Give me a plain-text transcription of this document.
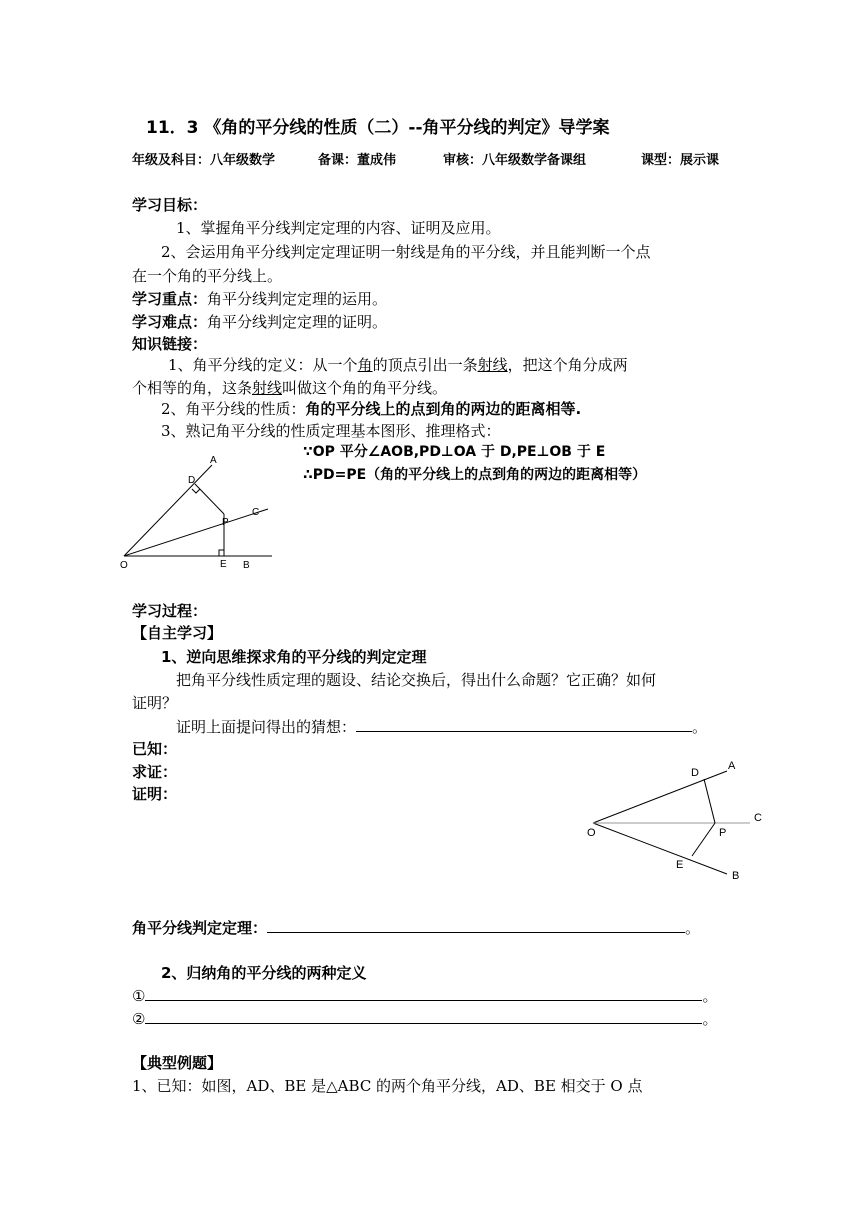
11．3 《角的平分线的性质（二）--角平分线的判定》导学案
年级及科目：八年级数学	备课：董成伟	审核：八年级数学备课组	课型：展示课
学习目标：
1、掌握角平分线判定定理的内容、证明及应用。
2、会运用角平分线判定定理证明一射线是角的平分线，并且能判断一个点
在一个角的平分线上。
学习重点：角平分线判定定理的运用。
学习难点：角平分线判定定理的证明。
知识链接：
1、角平分线的定义：从一个角的顶点引出一条射线，把这个角分成两
个相等的角，这条射线叫做这个角的角平分线。
2、角平分线的性质：角的平分线上的点到角的两边的距离相等.
3、熟记角平分线的性质定理基本图形、推理格式：
∵OP 平分∠AOB,PD⊥OA 于 D,PE⊥OB 于 E
∴PD=PE（角的平分线上的点到角的两边的距离相等）
A
D
C
P
O	E B
学习过程：
【自主学习】
1、逆向思维探求角的平分线的判定定理
把角平分线性质定理的题设、结论交换后，得出什么命题？它正确？如何
证明？
证明上面提问得出的猜想：	。
已知：
求证：
证明：
A
D
C
O	P
E
B
角平分线判定定理：	。
2、归纳角的平分线的两种定义
①	。
②	。
【典型例题】
1、已知：如图，AD、BE 是△ABC 的两个角平分线，AD、BE 相交于 O 点
